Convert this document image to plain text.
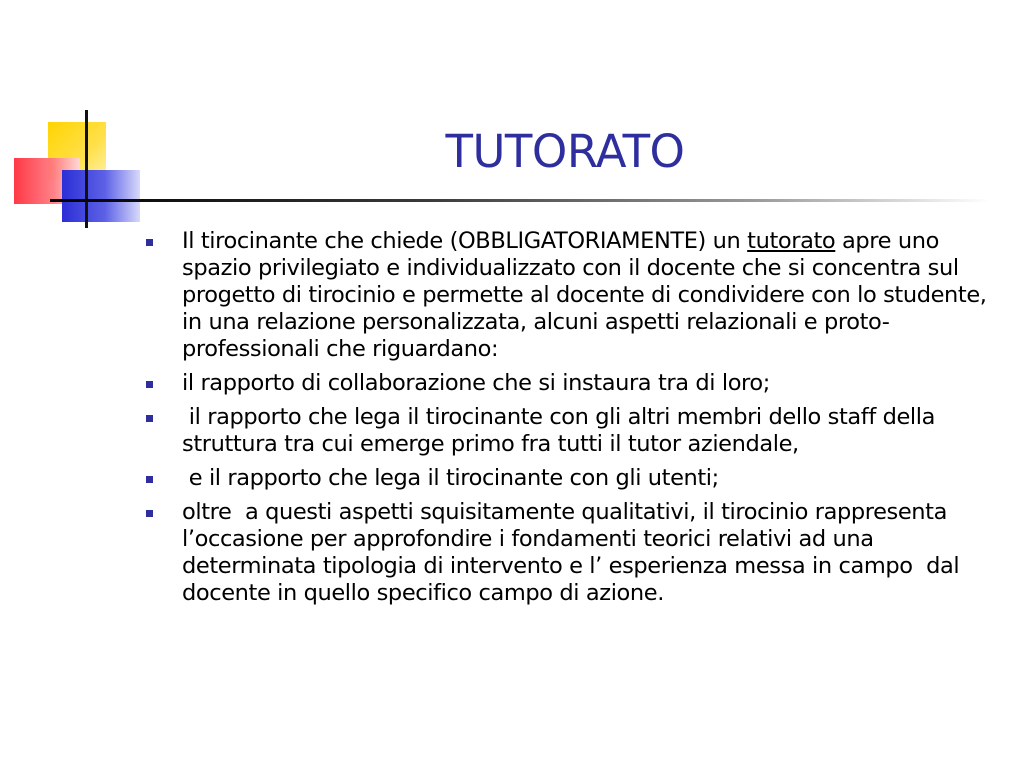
TUTORATO
Il tirocinante che chiede (OBBLIGATORIAMENTE) un tutorato apre uno spazio privilegiato e individualizzato con il docente che si concentra sul progetto di tirocinio e permette al docente di condividere con lo studente, in una relazione personalizzata, alcuni aspetti relazionali e proto-professionali che riguardano:
il rapporto di collaborazione che si instaura tra di loro;
il rapporto che lega il tirocinante con gli altri membri dello staff della struttura tra cui emerge primo fra tutti il tutor aziendale,
e il rapporto che lega il tirocinante con gli utenti;
oltre  a questi aspetti squisitamente qualitativi, il tirocinio rappresenta l’occasione per approfondire i fondamenti teorici relativi ad una determinata tipologia di intervento e l’ esperienza messa in campo  dal docente in quello specifico campo di azione.
